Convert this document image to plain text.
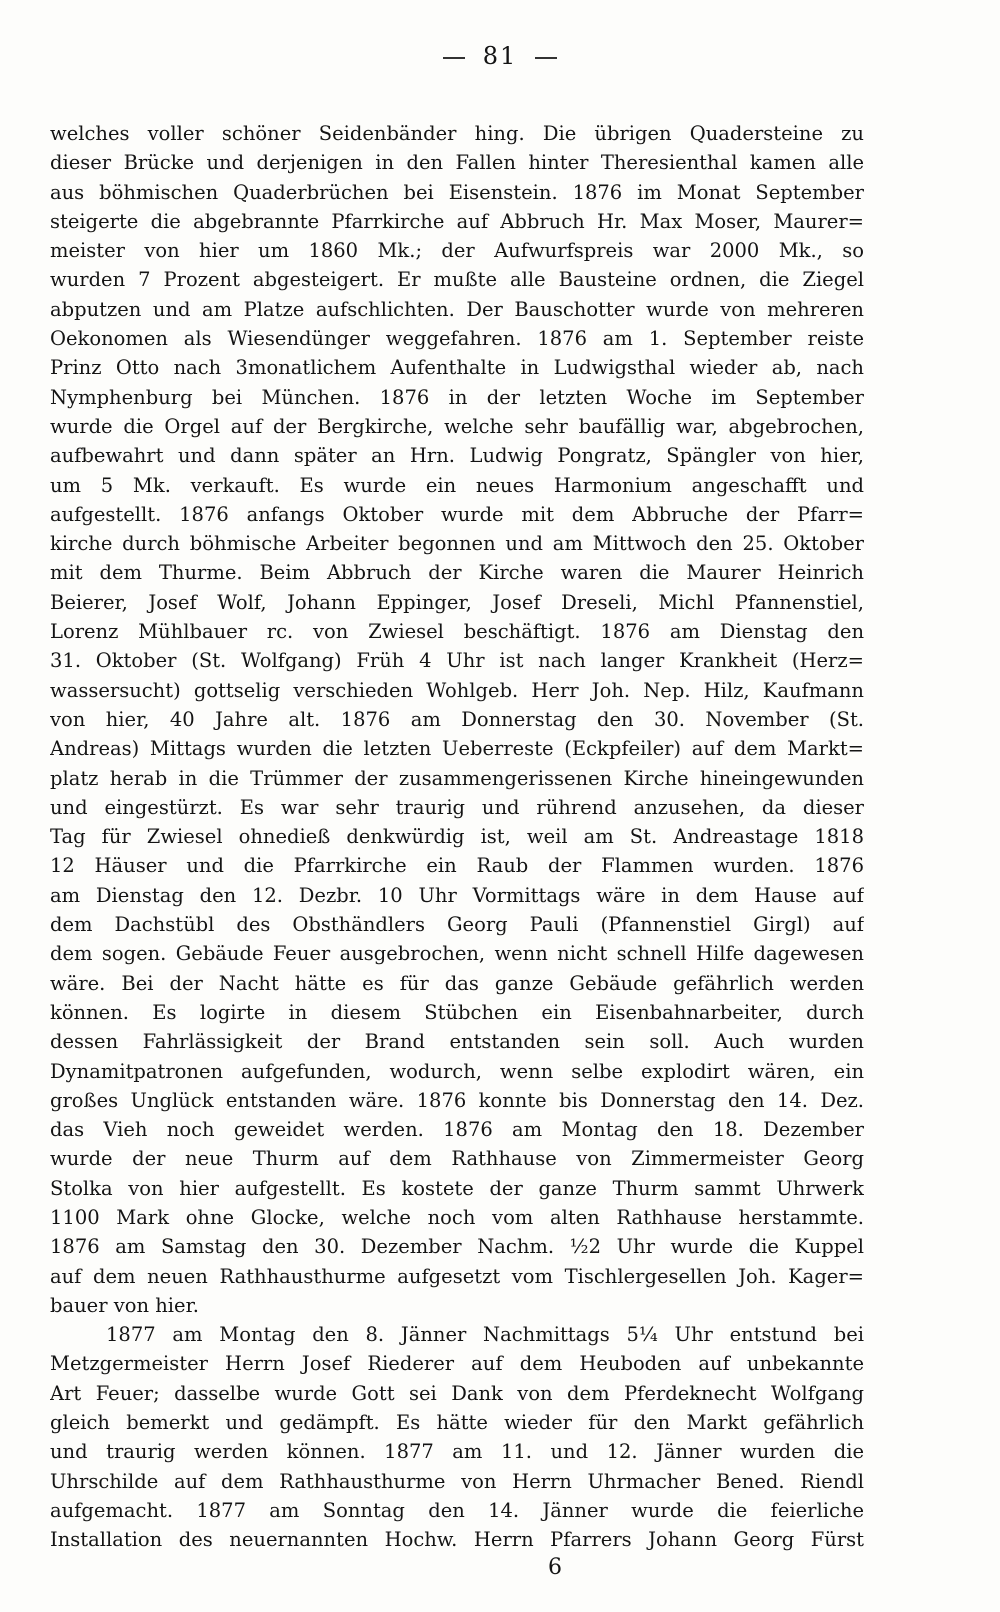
81
welches voller schöner Seidenbänder hing. Die übrigen Quadersteine zu
dieser Brücke und derjenigen in den Fallen hinter Theresienthal kamen alle
aus böhmischen Quaderbrüchen bei Eisenstein. 1876 im Monat September
steigerte die abgebrannte Pfarrkirche auf Abbruch Hr. Max Moser, Maurer=
meister von hier um 1860 Mk.; der Aufwurfspreis war 2000 Mk., so
wurden 7 Prozent abgesteigert. Er mußte alle Bausteine ordnen, die Ziegel
abputzen und am Platze aufschlichten. Der Bauschotter wurde von mehreren
Oekonomen als Wiesendünger weggefahren. 1876 am 1. September reiste
Prinz Otto nach 3monatlichem Aufenthalte in Ludwigsthal wieder ab, nach
Nymphenburg bei München. 1876 in der letzten Woche im September
wurde die Orgel auf der Bergkirche, welche sehr baufällig war, abgebrochen,
aufbewahrt und dann später an Hrn. Ludwig Pongratz, Spängler von hier,
um 5 Mk. verkauft. Es wurde ein neues Harmonium angeschafft und
aufgestellt. 1876 anfangs Oktober wurde mit dem Abbruche der Pfarr=
kirche durch böhmische Arbeiter begonnen und am Mittwoch den 25. Oktober
mit dem Thurme. Beim Abbruch der Kirche waren die Maurer Heinrich
Beierer, Josef Wolf, Johann Eppinger, Josef Dreseli, Michl Pfannenstiel,
Lorenz Mühlbauer rc. von Zwiesel beschäftigt. 1876 am Dienstag den
31. Oktober (St. Wolfgang) Früh 4 Uhr ist nach langer Krankheit (Herz=
wassersucht) gottselig verschieden Wohlgeb. Herr Joh. Nep. Hilz, Kaufmann
von hier, 40 Jahre alt. 1876 am Donnerstag den 30. November (St.
Andreas) Mittags wurden die letzten Ueberreste (Eckpfeiler) auf dem Markt=
platz herab in die Trümmer der zusammengerissenen Kirche hineingewunden
und eingestürzt. Es war sehr traurig und rührend anzusehen, da dieser
Tag für Zwiesel ohnedieß denkwürdig ist, weil am St. Andreastage 1818
12 Häuser und die Pfarrkirche ein Raub der Flammen wurden. 1876
am Dienstag den 12. Dezbr. 10 Uhr Vormittags wäre in dem Hause auf
dem Dachstübl des Obsthändlers Georg Pauli (Pfannenstiel Girgl) auf
dem sogen. Gebäude Feuer ausgebrochen, wenn nicht schnell Hilfe dagewesen
wäre. Bei der Nacht hätte es für das ganze Gebäude gefährlich werden
können. Es logirte in diesem Stübchen ein Eisenbahnarbeiter, durch
dessen Fahrlässigkeit der Brand entstanden sein soll. Auch wurden
Dynamitpatronen aufgefunden, wodurch, wenn selbe explodirt wären, ein
großes Unglück entstanden wäre. 1876 konnte bis Donnerstag den 14. Dez.
das Vieh noch geweidet werden. 1876 am Montag den 18. Dezember
wurde der neue Thurm auf dem Rathhause von Zimmermeister Georg
Stolka von hier aufgestellt. Es kostete der ganze Thurm sammt Uhrwerk
1100 Mark ohne Glocke, welche noch vom alten Rathhause herstammte.
1876 am Samstag den 30. Dezember Nachm. ½2 Uhr wurde die Kuppel
auf dem neuen Rathhausthurme aufgesetzt vom Tischlergesellen Joh. Kager=
bauer von hier.
1877 am Montag den 8. Jänner Nachmittags 5¼ Uhr entstund bei
Metzgermeister Herrn Josef Riederer auf dem Heuboden auf unbekannte
Art Feuer; dasselbe wurde Gott sei Dank von dem Pferdeknecht Wolfgang
gleich bemerkt und gedämpft. Es hätte wieder für den Markt gefährlich
und traurig werden können. 1877 am 11. und 12. Jänner wurden die
Uhrschilde auf dem Rathhausthurme von Herrn Uhrmacher Bened. Riendl
aufgemacht. 1877 am Sonntag den 14. Jänner wurde die feierliche
Installation des neuernannten Hochw. Herrn Pfarrers Johann Georg Fürst
6
